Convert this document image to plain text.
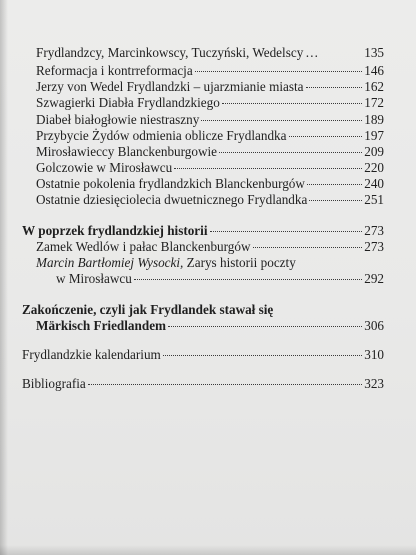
Frydlandzcy, Marcinkowscy, Tuczyński, Wedelscy …	135
Reformacja i kontrreformacja	146
Jerzy von Wedel Frydlandzki – ujarzmianie miasta	162
Szwagierki Diabła Frydlandzkiego	172
Diabeł białogłowie niestraszny	189
Przybycie Żydów odmienia oblicze Frydlandka	197
Mirosławieccy Blanckenburgowie	209
Golczowie w Mirosławcu	220
Ostatnie pokolenia frydlandzkich Blanckenburgów	240
Ostatnie dziesięciolecia dwuetnicznego Frydlandka	251
W poprzek frydlandzkiej historii	273
Zamek Wedlów i pałac Blanckenburgów	273
Marcin Bartłomiej Wysocki, Zarys historii poczty
w Mirosławcu	292
Zakończenie, czyli jak Frydlandek stawał się
Märkisch Friedlandem	306
Frydlandzkie kalendarium	310
Bibliografia	323
